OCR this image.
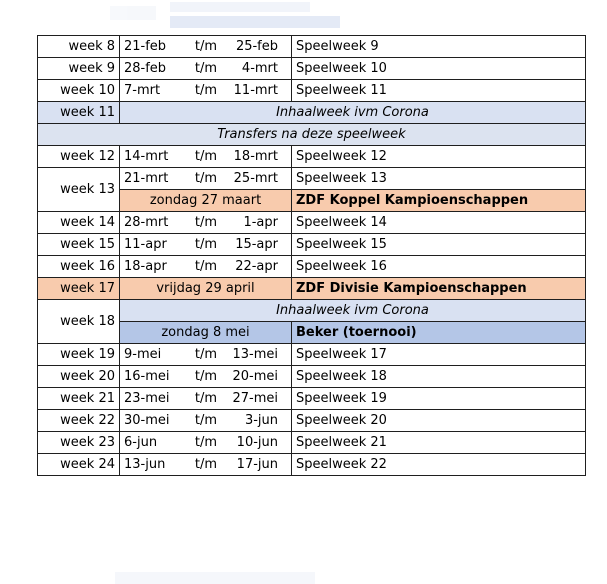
week 8	21-feb t/m 25-feb	Speelweek 9
week 9	28-feb t/m 4-mrt	Speelweek 10
week 10	7-mrt t/m 11-mrt	Speelweek 11
week 11	Inhaalweek ivm Corona	
Transfers na deze speelweek		
week 12	14-mrt t/m 18-mrt	Speelweek 12
week 13	21-mrt t/m 25-mrt	Speelweek 13
	zondag 27 maart	ZDF Koppel Kampioenschappen
week 14	28-mrt t/m 1-apr	Speelweek 14
week 15	11-apr t/m 15-apr	Speelweek 15
week 16	18-apr t/m 22-apr	Speelweek 16
week 17	vrijdag 29 april	ZDF Divisie Kampioenschappen
week 18	Inhaalweek ivm Corona	
	zondag 8 mei	Beker (toernooi)
week 19	9-mei t/m 13-mei	Speelweek 17
week 20	16-mei t/m 20-mei	Speelweek 18
week 21	23-mei t/m 27-mei	Speelweek 19
week 22	30-mei t/m 3-jun	Speelweek 20
week 23	6-jun t/m 10-jun	Speelweek 21
week 24	13-jun t/m 17-jun	Speelweek 22
